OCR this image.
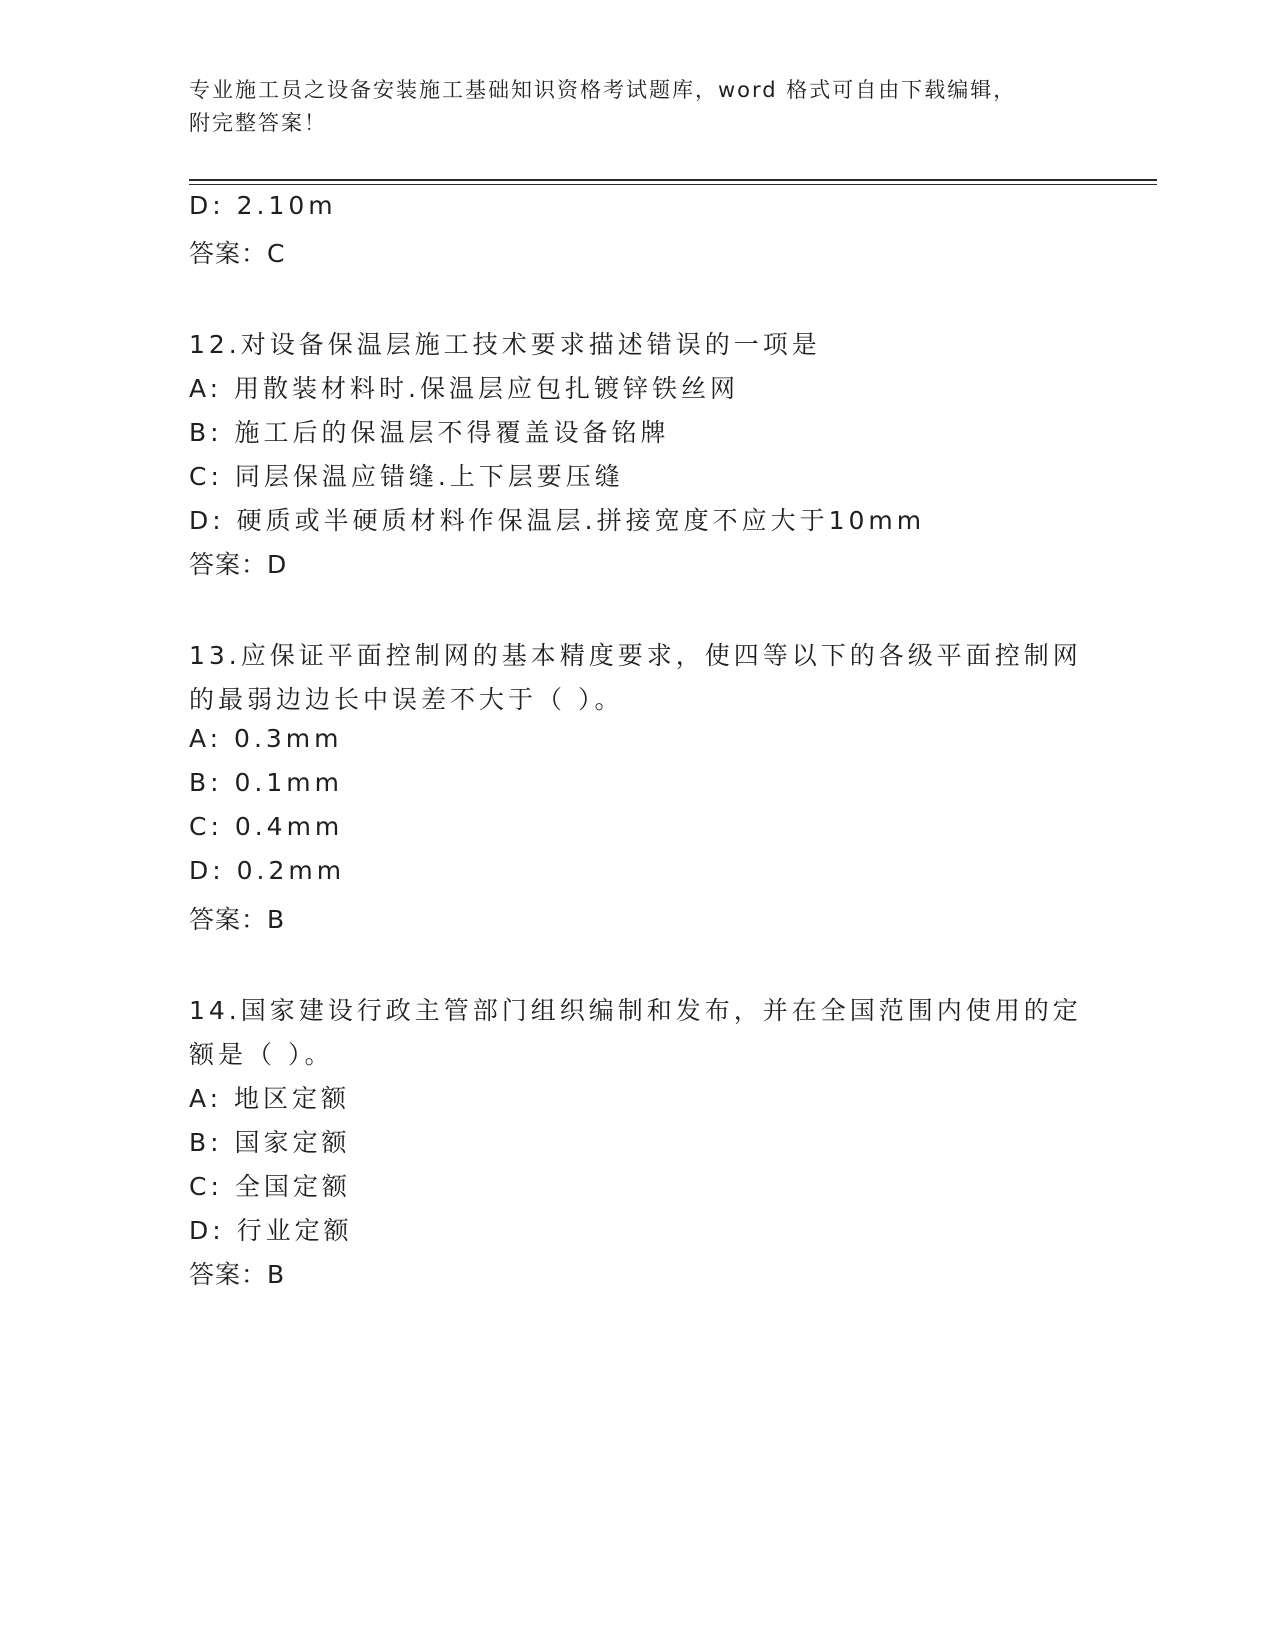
专业施工员之设备安装施工基础知识资格考试题库，word 格式可自由下载编辑，
附完整答案！
D: 2.10m
答案：C
12.对设备保温层施工技术要求描述错误的一项是
A: 用散装材料时.保温层应包扎镀锌铁丝网
B: 施工后的保温层不得覆盖设备铭牌
C: 同层保温应错缝.上下层要压缝
D: 硬质或半硬质材料作保温层.拼接宽度不应大于10mm
答案：D
13.应保证平面控制网的基本精度要求，使四等以下的各级平面控制网
的最弱边边长中误差不大于（ ）。
A: 0.3mm
B: 0.1mm
C: 0.4mm
D: 0.2mm
答案：B
14.国家建设行政主管部门组织编制和发布，并在全国范围内使用的定
额是（ ）。
A: 地区定额
B: 国家定额
C: 全国定额
D: 行业定额
答案：B
